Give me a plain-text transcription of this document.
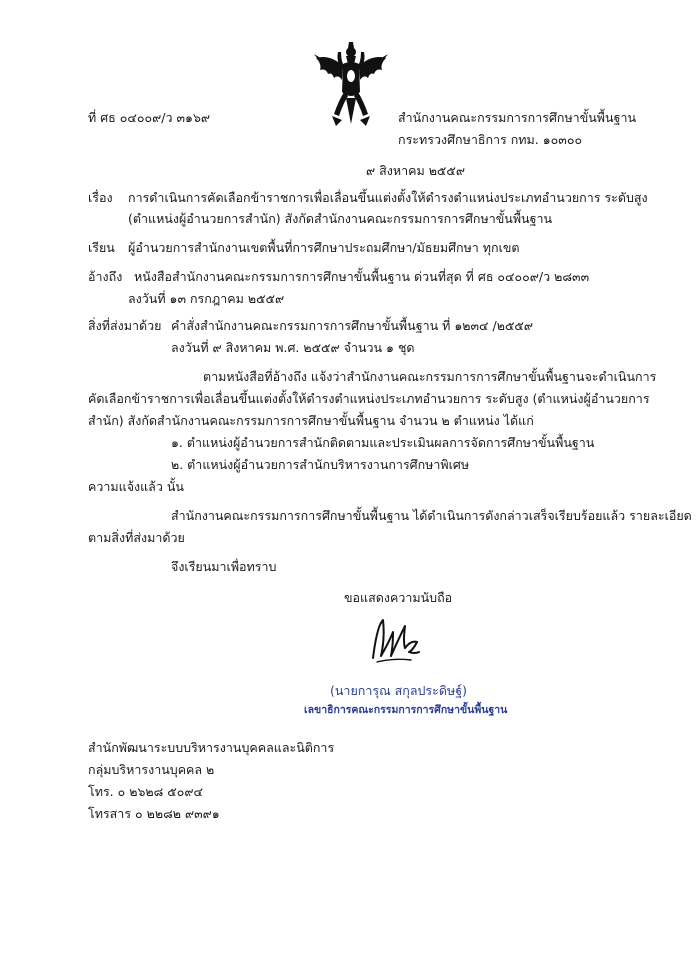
ที่ ศธ ๐๔๐๐๙/ว ๓๑๖๙	สำนักงานคณะกรรมการการศึกษาขั้นพื้นฐาน
กระทรวงศึกษาธิการ กทม. ๑๐๓๐๐
๙ สิงหาคม ๒๕๕๙
เรื่อง การดำเนินการคัดเลือกข้าราชการเพื่อเลื่อนขึ้นแต่งตั้งให้ดำรงตำแหน่งประเภทอำนวยการ ระดับสูง
(ตำแหน่งผู้อำนวยการสำนัก) สังกัดสำนักงานคณะกรรมการการศึกษาขั้นพื้นฐาน
เรียน ผู้อำนวยการสำนักงานเขตพื้นที่การศึกษาประถมศึกษา/มัธยมศึกษา ทุกเขต
อ้างถึง หนังสือสำนักงานคณะกรรมการการศึกษาขั้นพื้นฐาน ด่วนที่สุด ที่ ศธ ๐๔๐๐๙/ว ๒๘๓๓
ลงวันที่ ๑๓ กรกฎาคม ๒๕๕๙
สิ่งที่ส่งมาด้วย คำสั่งสำนักงานคณะกรรมการการศึกษาขั้นพื้นฐาน ที่ ๑๒๓๔ /๒๕๕๙
ลงวันที่ ๙ สิงหาคม พ.ศ. ๒๕๕๙ จำนวน ๑ ชุด
ตามหนังสือที่อ้างถึง แจ้งว่าสำนักงานคณะกรรมการการศึกษาขั้นพื้นฐานจะดำเนินการ
คัดเลือกข้าราชการเพื่อเลื่อนขึ้นแต่งตั้งให้ดำรงตำแหน่งประเภทอำนวยการ ระดับสูง (ตำแหน่งผู้อำนวยการ
สำนัก) สังกัดสำนักงานคณะกรรมการการศึกษาขั้นพื้นฐาน จำนวน ๒ ตำแหน่ง ได้แก่
๑. ตำแหน่งผู้อำนวยการสำนักติดตามและประเมินผลการจัดการศึกษาขั้นพื้นฐาน
๒. ตำแหน่งผู้อำนวยการสำนักบริหารงานการศึกษาพิเศษ
ความแจ้งแล้ว นั้น
สำนักงานคณะกรรมการการศึกษาขั้นพื้นฐาน ได้ดำเนินการดังกล่าวเสร็จเรียบร้อยแล้ว รายละเอียด
ตามสิ่งที่ส่งมาด้วย
จึงเรียนมาเพื่อทราบ
ขอแสดงความนับถือ
(นายการุณ สกุลประดิษฐ์)
เลขาธิการคณะกรรมการการศึกษาขั้นพื้นฐาน
สำนักพัฒนาระบบบริหารงานบุคคลและนิติการ
กลุ่มบริหารงานบุคคล ๒
โทร. ๐ ๒๖๒๘ ๕๐๙๔
โทรสาร ๐ ๒๒๘๒ ๙๓๙๑
